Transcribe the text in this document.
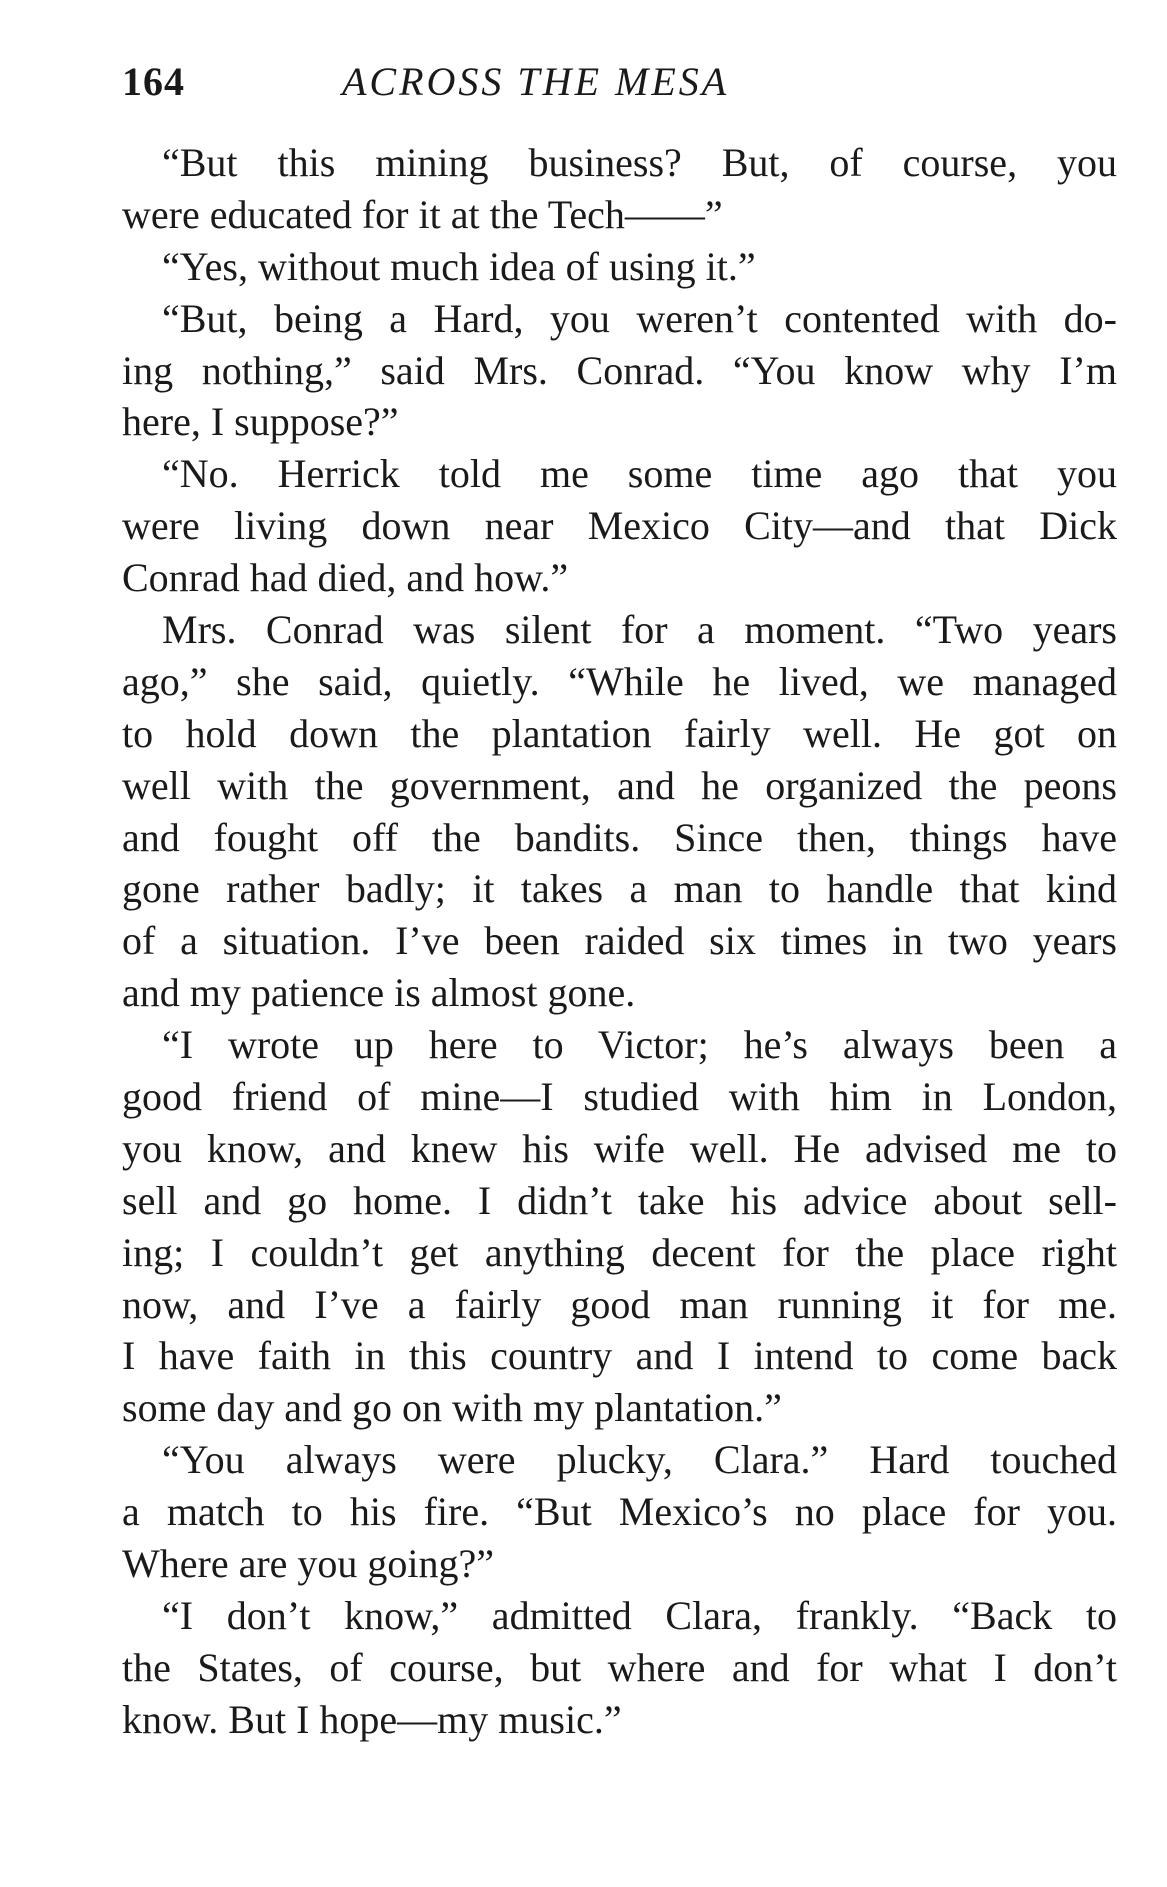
164	ACROSS THE MESA
“But this mining business? But, of course, you
were educated for it at the Tech——”
“Yes, without much idea of using it.”
“But, being a Hard, you weren’t contented with do-
ing nothing,” said Mrs. Conrad. “You know why I’m
here, I suppose?”
“No. Herrick told me some time ago that you
were living down near Mexico City—and that Dick
Conrad had died, and how.”
Mrs. Conrad was silent for a moment. “Two years
ago,” she said, quietly. “While he lived, we managed
to hold down the plantation fairly well. He got on
well with the government, and he organized the peons
and fought off the bandits. Since then, things have
gone rather badly; it takes a man to handle that kind
of a situation. I’ve been raided six times in two years
and my patience is almost gone.
“I wrote up here to Victor; he’s always been a
good friend of mine—I studied with him in London,
you know, and knew his wife well. He advised me to
sell and go home. I didn’t take his advice about sell-
ing; I couldn’t get anything decent for the place right
now, and I’ve a fairly good man running it for me.
I have faith in this country and I intend to come back
some day and go on with my plantation.”
“You always were plucky, Clara.” Hard touched
a match to his fire. “But Mexico’s no place for you.
Where are you going?”
“I don’t know,” admitted Clara, frankly. “Back to
the States, of course, but where and for what I don’t
know. But I hope—my music.”
